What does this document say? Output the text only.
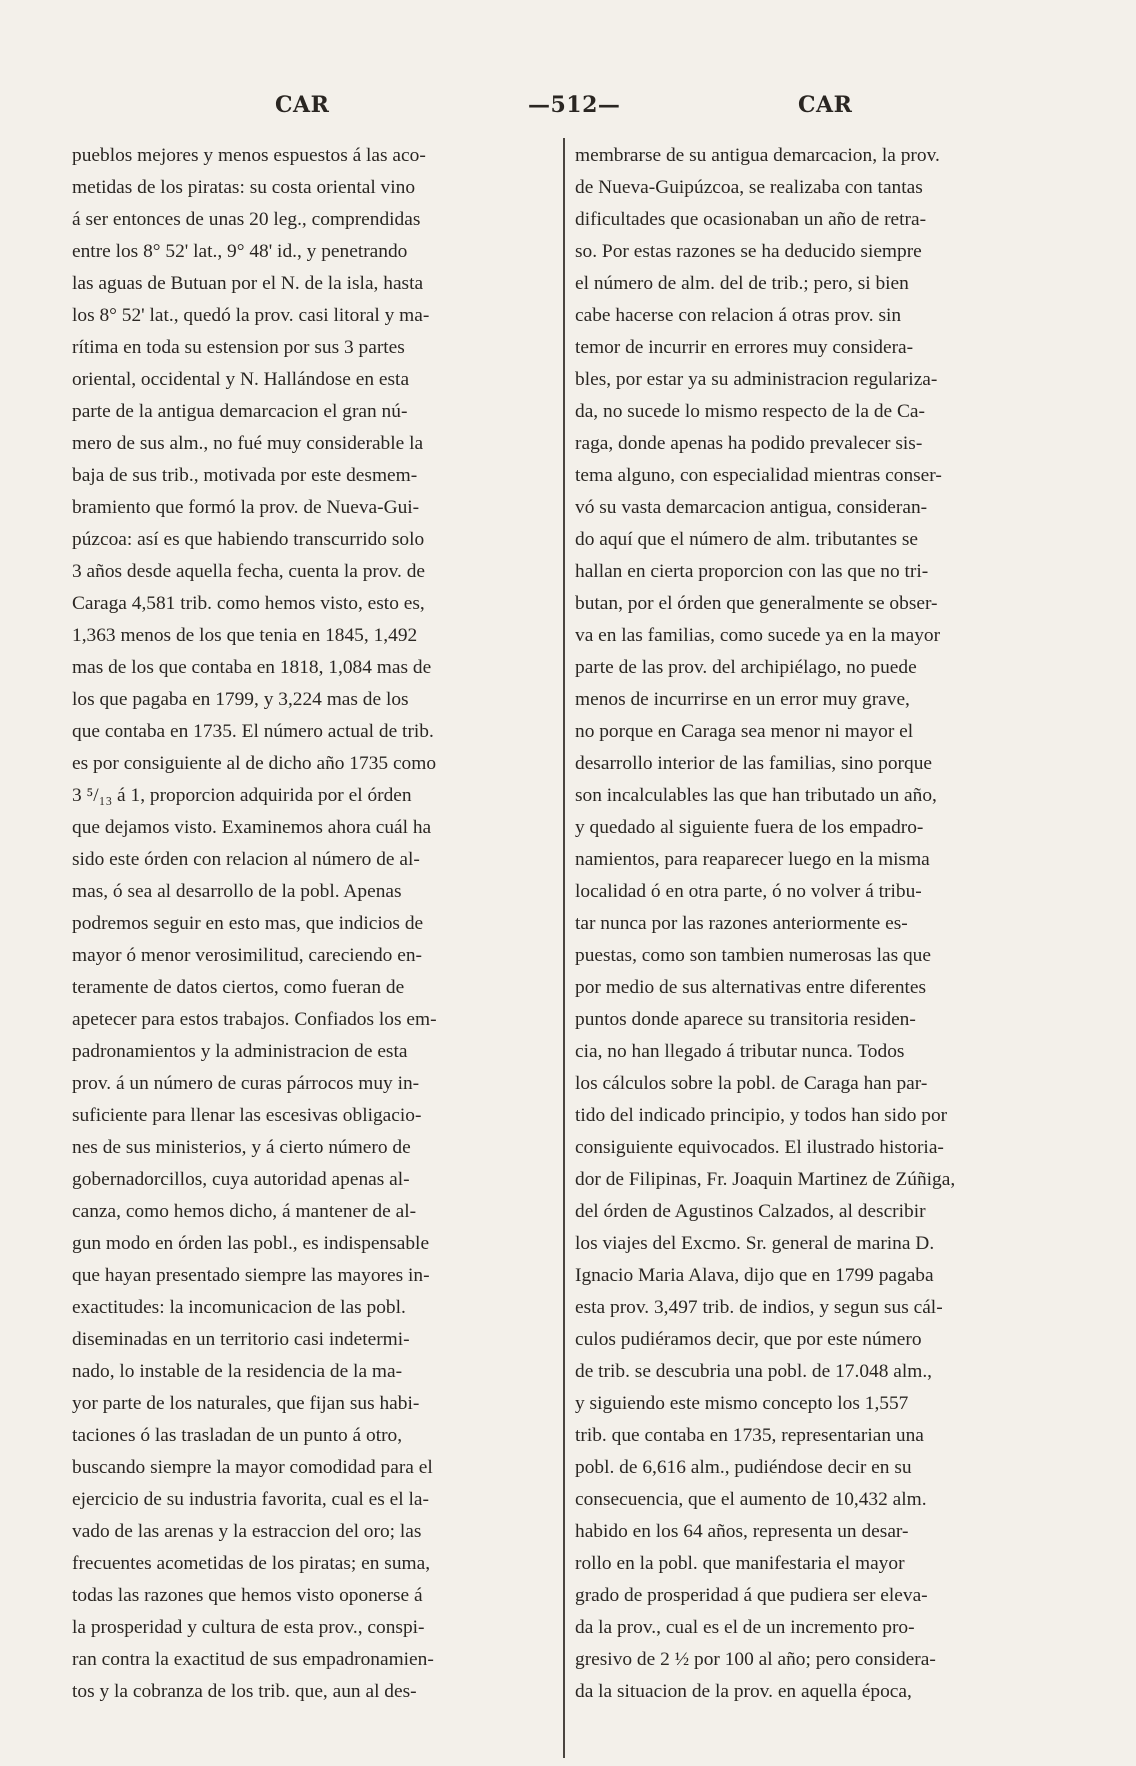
CAR	—512—	CAR
pueblos mejores y menos espuestos á las aco-
metidas de los piratas: su costa oriental vino
á ser entonces de unas 20 leg., comprendidas
entre los 8° 52' lat., 9° 48' id., y penetrando
las aguas de Butuan por el N. de la isla, hasta
los 8° 52' lat., quedó la prov. casi litoral y ma-
rítima en toda su estension por sus 3 partes
oriental, occidental y N. Hallándose en esta
parte de la antigua demarcacion el gran nú-
mero de sus alm., no fué muy considerable la
baja de sus trib., motivada por este desmem-
bramiento que formó la prov. de Nueva-Gui-
púzcoa: así es que habiendo transcurrido solo
3 años desde aquella fecha, cuenta la prov. de
Caraga 4,581 trib. como hemos visto, esto es,
1,363 menos de los que tenia en 1845, 1,492
mas de los que contaba en 1818, 1,084 mas de
los que pagaba en 1799, y 3,224 mas de los
que contaba en 1735. El número actual de trib.
es por consiguiente al de dicho año 1735 como
3 ⁵/₁₃ á 1, proporcion adquirida por el órden
que dejamos visto. Examinemos ahora cuál ha
sido este órden con relacion al número de al-
mas, ó sea al desarrollo de la pobl. Apenas
podremos seguir en esto mas, que indicios de
mayor ó menor verosimilitud, careciendo en-
teramente de datos ciertos, como fueran de
apetecer para estos trabajos. Confiados los em-
padronamientos y la administracion de esta
prov. á un número de curas párrocos muy in-
suficiente para llenar las escesivas obligacio-
nes de sus ministerios, y á cierto número de
gobernadorcillos, cuya autoridad apenas al-
canza, como hemos dicho, á mantener de al-
gun modo en órden las pobl., es indispensable
que hayan presentado siempre las mayores in-
exactitudes: la incomunicacion de las pobl.
diseminadas en un territorio casi indetermi-
nado, lo instable de la residencia de la ma-
yor parte de los naturales, que fijan sus habi-
taciones ó las trasladan de un punto á otro,
buscando siempre la mayor comodidad para el
ejercicio de su industria favorita, cual es el la-
vado de las arenas y la estraccion del oro; las
frecuentes acometidas de los piratas; en suma,
todas las razones que hemos visto oponerse á
la prosperidad y cultura de esta prov., conspi-
ran contra la exactitud de sus empadronamien-
tos y la cobranza de los trib. que, aun al des-
membrarse de su antigua demarcacion, la prov.
de Nueva-Guipúzcoa, se realizaba con tantas
dificultades que ocasionaban un año de retra-
so. Por estas razones se ha deducido siempre
el número de alm. del de trib.; pero, si bien
cabe hacerse con relacion á otras prov. sin
temor de incurrir en errores muy considera-
bles, por estar ya su administracion regulariza-
da, no sucede lo mismo respecto de la de Ca-
raga, donde apenas ha podido prevalecer sis-
tema alguno, con especialidad mientras conser-
vó su vasta demarcacion antigua, consideran-
do aquí que el número de alm. tributantes se
hallan en cierta proporcion con las que no tri-
butan, por el órden que generalmente se obser-
va en las familias, como sucede ya en la mayor
parte de las prov. del archipiélago, no puede
menos de incurrirse en un error muy grave,
no porque en Caraga sea menor ni mayor el
desarrollo interior de las familias, sino porque
son incalculables las que han tributado un año,
y quedado al siguiente fuera de los empadro-
namientos, para reaparecer luego en la misma
localidad ó en otra parte, ó no volver á tribu-
tar nunca por las razones anteriormente es-
puestas, como son tambien numerosas las que
por medio de sus alternativas entre diferentes
puntos donde aparece su transitoria residen-
cia, no han llegado á tributar nunca. Todos
los cálculos sobre la pobl. de Caraga han par-
tido del indicado principio, y todos han sido por
consiguiente equivocados. El ilustrado historia-
dor de Filipinas, Fr. Joaquin Martinez de Zúñiga,
del órden de Agustinos Calzados, al describir
los viajes del Excmo. Sr. general de marina D.
Ignacio Maria Alava, dijo que en 1799 pagaba
esta prov. 3,497 trib. de indios, y segun sus cál-
culos pudiéramos decir, que por este número
de trib. se descubria una pobl. de 17.048 alm.,
y siguiendo este mismo concepto los 1,557
trib. que contaba en 1735, representarian una
pobl. de 6,616 alm., pudiéndose decir en su
consecuencia, que el aumento de 10,432 alm.
habido en los 64 años, representa un desar-
rollo en la pobl. que manifestaria el mayor
grado de prosperidad á que pudiera ser eleva-
da la prov., cual es el de un incremento pro-
gresivo de 2 ½ por 100 al año; pero considera-
da la situacion de la prov. en aquella época,
